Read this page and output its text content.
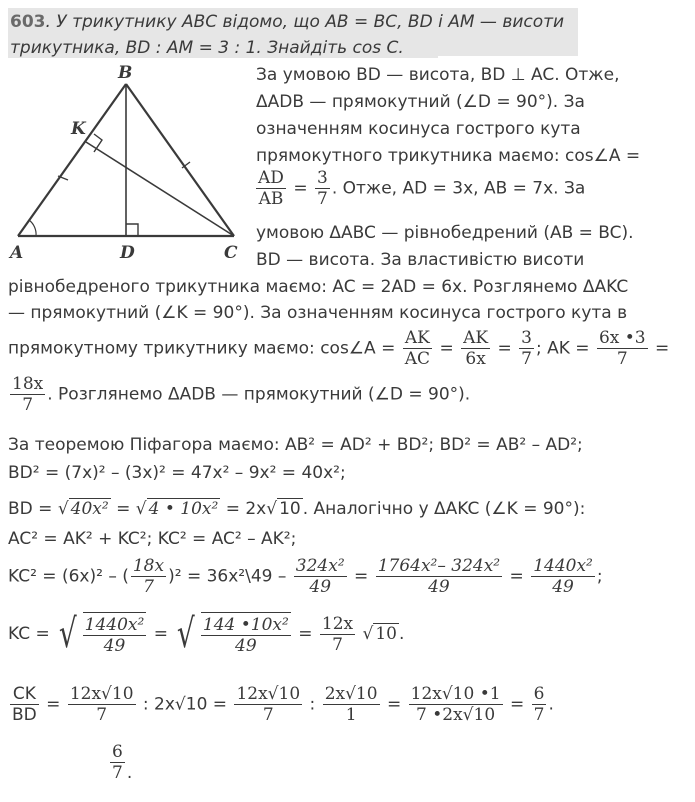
603. У трикутнику АВС відомо, що АВ = ВС, BD і АМ — висоти
трикутника, BD : AM = 3 : 1. Знайдіть cos C.
B
K
A	D	C
За умовою BD — висота, BD ⊥ AC. Отже,
ΔADB — прямокутний (∠D = 90°). За
означенням косинуса гострого кута
прямокутного трикутника маємо: cos∠A =
$\frac{AD}{AB} = \frac{3}{7}$ . Отже, AD = 3x, AB = 7x. За
умовою ΔABC — рівнобедрений (AB = BC).
BD — висота. За властивістю висоти
рівнобедреного трикутника маємо: AC = 2AD = 6x. Розглянемо ΔAKC
— прямокутний (∠K = 90°). За означенням косинуса гострого кута в
прямокутному трикутнику маємо: cos∠A = $\frac{AK}{AC} = \frac{AK}{6x} = \frac{3}{7}$ ; AK = $\frac{6x •3}{7}$ =
$\frac{18x}{7}$ . Розглянемо ΔADB — прямокутний (∠D = 90°).
За теоремою Піфагора маємо: AB² = AD² + BD²; BD² = AB² – AD²;
BD² = (7x)² – (3x)² = 47x² – 9x² = 40x²;
BD = √ 40x² = √ 4 • 10x² = 2x√ 10 . Аналогічно у ΔAKC (∠K = 90°):
AC² = AK² + KC²; KC² = AC² – AK²;
KC² = (6x)² – ( $\frac{18x}{7} )^2$ = 36x²\49 – $\frac{\text{324x²}}{49} = \frac{\text{1764x²– 324x²}}{49} = \frac{\text{1440x²}}{49}$ ;
KC = √ $\frac{\text{1440x²}}{49}$ = √ $\frac{\text{144 •10x²}}{49} = \frac{12x}{7}$ √ 10 .
$\frac{CK}{BD} = \frac{12x√10}{7}$ : $2x√10 = \frac{12x√10}{7}$ : $\frac{2x√10}{1} = \frac{12x√10 •1}{7 •2x√10} = \frac{6}{7}$ .
$\frac{6}{7}$ .
